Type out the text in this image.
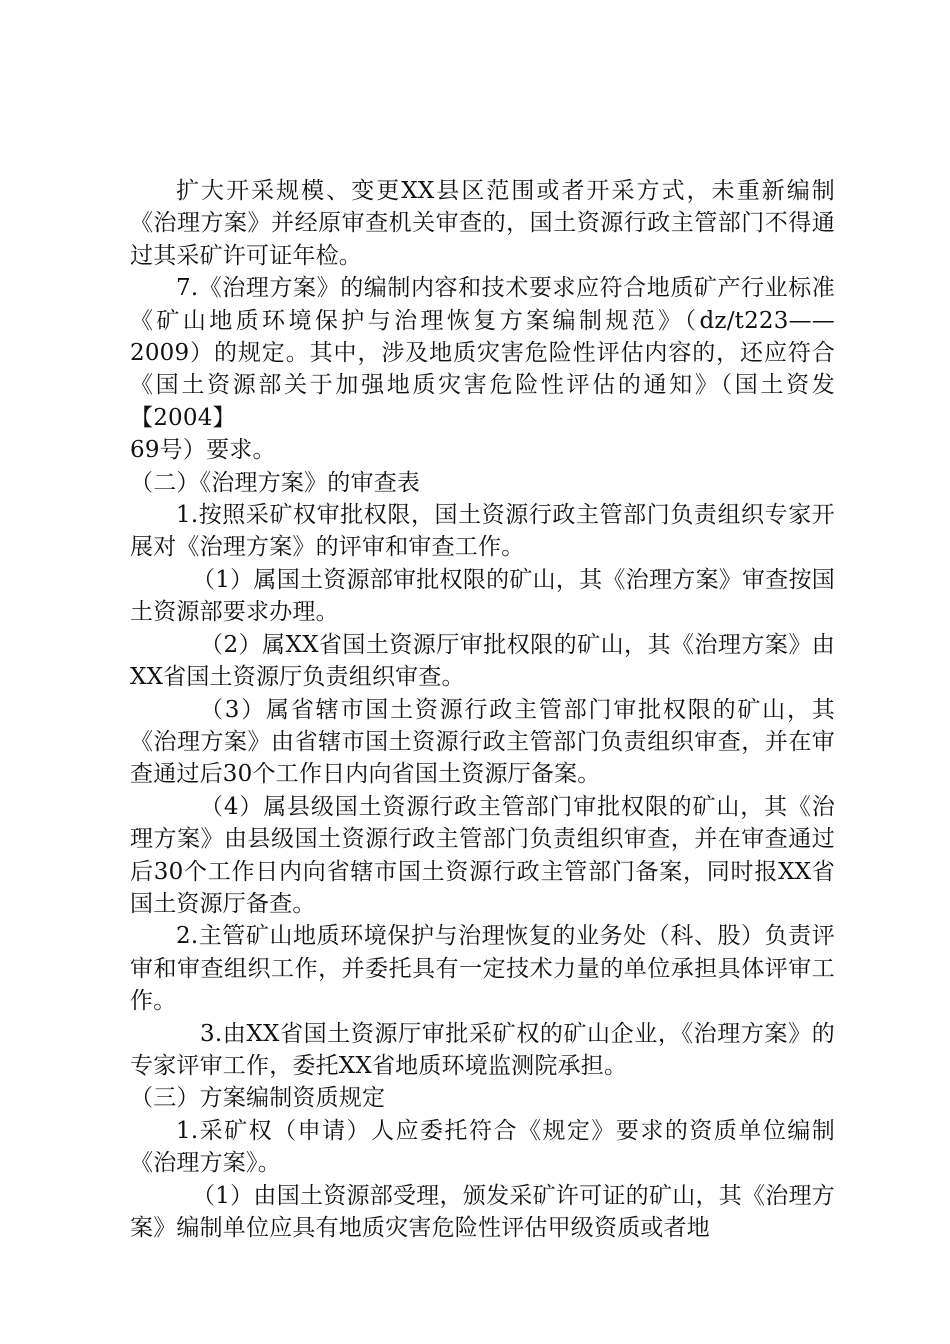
扩大开采规模、变更XX县区范围或者开采方式，未重新编制《治理方案》并经原审查机关审查的，国土资源行政主管部门不得通过其采矿许可证年检。

7.《治理方案》的编制内容和技术要求应符合地质矿产行业标准《矿山地质环境保护与治理恢复方案编制规范》（dz/t223——2009）的规定。其中，涉及地质灾害危险性评估内容的，还应符合《国土资源部关于加强地质灾害危险性评估的通知》（国土资发【2004】

69号）要求。

（二）《治理方案》的审查表

1.按照采矿权审批权限，国土资源行政主管部门负责组织专家开展对《治理方案》的评审和审查工作。

（1）属国土资源部审批权限的矿山，其《治理方案》审查按国土资源部要求办理。

（2）属XX省国土资源厅审批权限的矿山，其《治理方案》由XX省国土资源厅负责组织审查。

（3）属省辖市国土资源行政主管部门审批权限的矿山，其《治理方案》由省辖市国土资源行政主管部门负责组织审查，并在审查通过后30个工作日内向省国土资源厅备案。

（4）属县级国土资源行政主管部门审批权限的矿山，其《治理方案》由县级国土资源行政主管部门负责组织审查，并在审查通过后30个工作日内向省辖市国土资源行政主管部门备案，同时报XX省国土资源厅备查。

2.主管矿山地质环境保护与治理恢复的业务处（科、股）负责评审和审查组织工作，并委托具有一定技术力量的单位承担具体评审工作。

3.由XX省国土资源厅审批采矿权的矿山企业，《治理方案》的专家评审工作，委托XX省地质环境监测院承担。

（三）方案编制资质规定

1.采矿权（申请）人应委托符合《规定》要求的资质单位编制《治理方案》。

（1）由国土资源部受理，颁发采矿许可证的矿山，其《治理方案》编制单位应具有地质灾害危险性评估甲级资质或者地
